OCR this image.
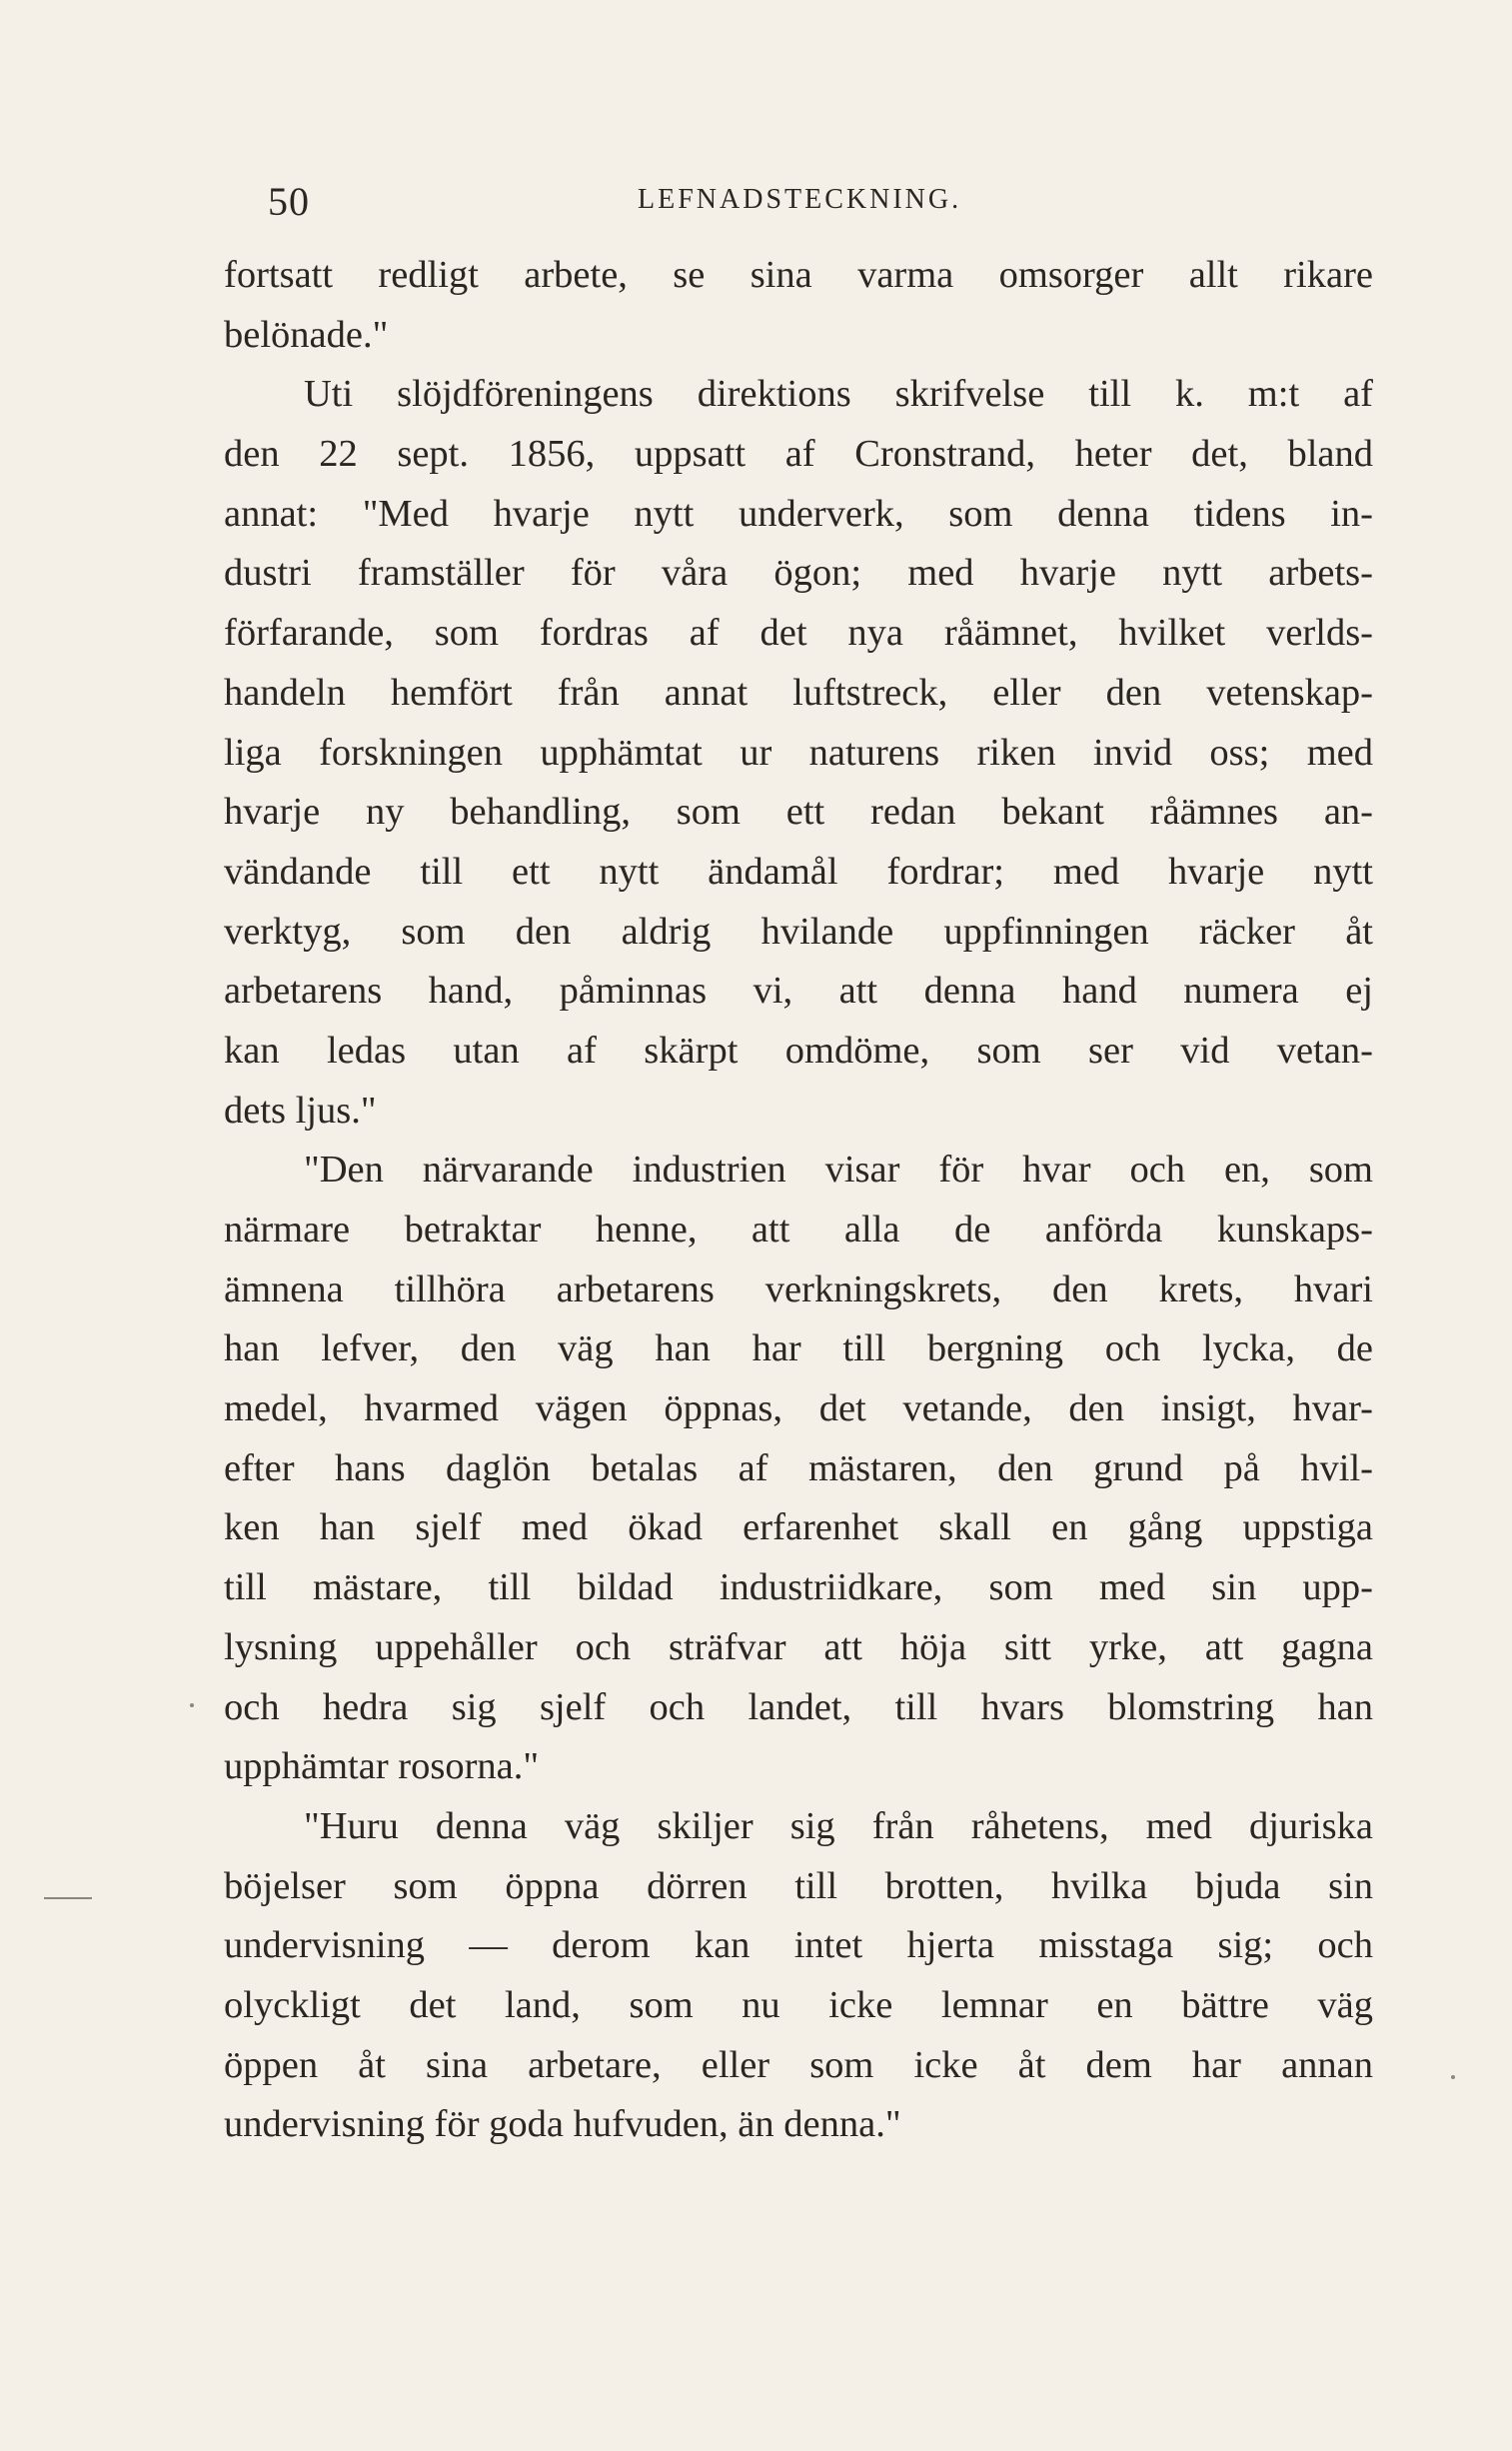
50	LEFNADSTECKNING.
fortsatt redligt arbete, se sina varma omsorger allt rikare
belönade."
Uti slöjdföreningens direktions skrifvelse till k. m:t af
den 22 sept. 1856, uppsatt af Cronstrand, heter det, bland
annat: "Med hvarje nytt underverk, som denna tidens in-
dustri framställer för våra ögon; med hvarje nytt arbets-
förfarande, som fordras af det nya råämnet, hvilket verlds-
handeln hemfört från annat luftstreck, eller den vetenskap-
liga forskningen upphämtat ur naturens riken invid oss; med
hvarje ny behandling, som ett redan bekant råämnes an-
vändande till ett nytt ändamål fordrar; med hvarje nytt
verktyg, som den aldrig hvilande uppfinningen räcker åt
arbetarens hand, påminnas vi, att denna hand numera ej
kan ledas utan af skärpt omdöme, som ser vid vetan-
dets ljus."
"Den närvarande industrien visar för hvar och en, som
närmare betraktar henne, att alla de anförda kunskaps-
ämnena tillhöra arbetarens verkningskrets, den krets, hvari
han lefver, den väg han har till bergning och lycka, de
medel, hvarmed vägen öppnas, det vetande, den insigt, hvar-
efter hans daglön betalas af mästaren, den grund på hvil-
ken han sjelf med ökad erfarenhet skall en gång uppstiga
till mästare, till bildad industriidkare, som med sin upp-
lysning uppehåller och sträfvar att höja sitt yrke, att gagna
och hedra sig sjelf och landet, till hvars blomstring han
upphämtar rosorna."
"Huru denna väg skiljer sig från råhetens, med djuriska
böjelser som öppna dörren till brotten, hvilka bjuda sin
undervisning — derom kan intet hjerta misstaga sig; och
olyckligt det land, som nu icke lemnar en bättre väg
öppen åt sina arbetare, eller som icke åt dem har annan
undervisning för goda hufvuden, än denna."
